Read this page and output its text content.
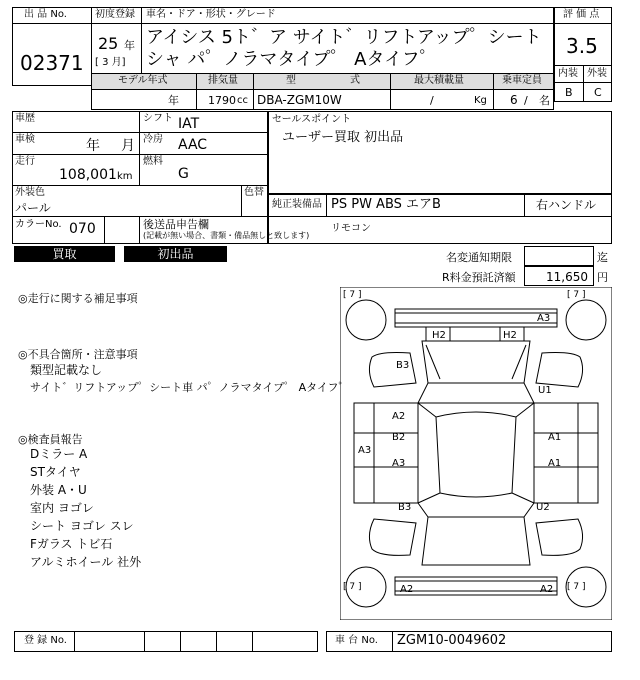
出 品 No.
02371
初度登録 車名・ドア・形状・グレード
25 年
[ 3 月]
アイシス 5ト゛ア サイト゛リフトアップ゜シートシャ パ゜ノラマタイプ゜ Aタイフ゜
モデル年式	排気量	型	式	最大積載量	乗車定員
年	1790 cc DBA-ZGM10W	/	Kg 6 / 名
評 価 点
3.5
内装 外装
B C
車歴
車検	年 月
走行
108,001 km
シフト IAT
冷房 AAC
燃料
G
外装色
パール
色替
カラーNo. 070	後送品申告欄
(記載が無い場合、書類・備品無しと致します)
セールスポイント
ユーザー買取 初出品
純正装備品 PS PW ABS エアB	右ハンドル
リモコン
買取	初出品	名変通知期限	迄
R料金預託済額	11,650 円
◎走行に関する補足事項
◎不具合箇所・注意事項
類型記載なし
サイト゛リフトアップ゜シート車 パ゜ノラマタイプ゜ Aタイフ゜
◎検査員報告
Dミラー A
STタイヤ
外装 A・U
室内 ヨゴレ
シート ヨゴレ スレ
Fガラス トビ石
アルミホイール 社外
[ 7 ]	[ 7 ]
[ 7 ]	[ 7 ]
A3
H2	H2
B3
U1
A2
B2
A3
A3
A1
A1
B3	U2
A2	A2
登 録 No.	車 台 No. ZGM10-0049602
